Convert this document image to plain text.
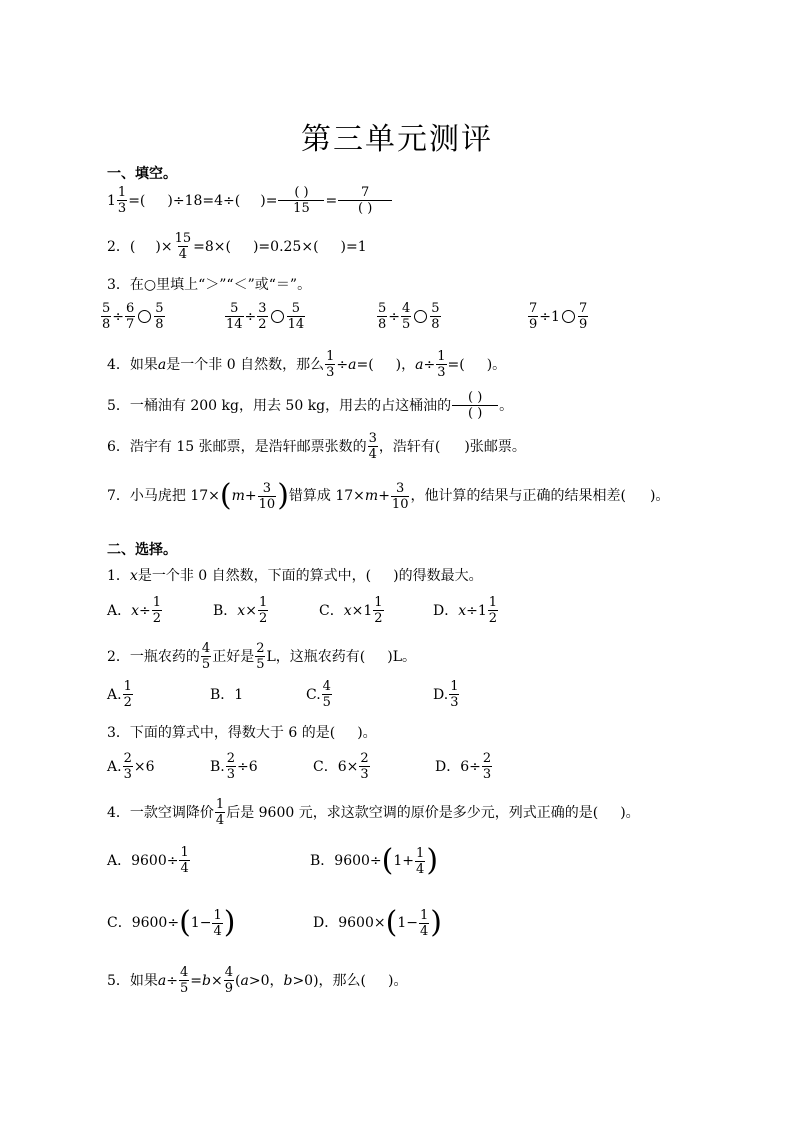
第三单元测评
一、填空。
$1 \frac{1}{3}$ =( )÷18=4÷( )= $\frac{( )}{15} = \frac{7}{( )}$
2．( )× $\frac{15}{4} =8\times$( )=0.25×( )=1
3．在○里填上“＞”“＜”或“＝”。
$\frac{5}{8} \div \frac{6}{7} \frac{5}{8}$	$\frac{5}{14} \div \frac{3}{2} \frac{5}{14}$	$\frac{5}{8} \div \frac{4}{5} \frac{5}{8}$	$\frac{7}{9} \div 1 \frac{7}{9}$
4．如果 a 是一个非 0 自然数，那么 $\frac{1}{3} \div a$ =( )， $a \div \frac{1}{3}$ =( )。
5．一桶油有 200 kg，用去 50 kg，用去的占这桶油的 $\frac{( )}{( )}$ 。
6．浩宇有 15 张邮票，是浩轩邮票张数的 $\frac{3}{4}$ ，浩轩有( )张邮票。
7．小马虎把 17× ( $m + \frac{3}{10}$ ) 错算成 $17\times m + \frac{3}{10}$ ，他计算的结果与正确的结果相差( )。
二、选择。
1． x 是一个非 0 自然数，下面的算式中，( )的得数最大。
A． $x \div \frac{1}{2}$	B． $x \times \frac{1}{2}$	C． $x \times 1 \frac{1}{2}$	D． $x \div 1 \frac{1}{2}$
2．一瓶农药的 $\frac{4}{5}$ 正好是 $\frac{2}{5}$ L，这瓶农药有( )L。
A. $\frac{1}{2}$	B．1	C. $\frac{4}{5}$	D. $\frac{1}{3}$
3．下面的算式中，得数大于 6 的是( )。
A. $\frac{2}{3} \times 6$	B. $\frac{2}{3} \div 6$	C．$6\times \frac{2}{3}$	D．$6\div \frac{2}{3}$
4．一款空调降价 $\frac{1}{4}$ 后是 9600 元，求这款空调的原价是多少元，列式正确的是( )。
A．$9600\div \frac{1}{4}$	B．9600÷ ( $1 + \frac{1}{4}$ )
C．9600÷ ( $1 - \frac{1}{4}$ )	D．9600× ( $1 - \frac{1}{4}$ )
5．如果 $a \div \frac{4}{5} = b \times \frac{4}{9}$ ( a >0， b >0)，那么( )。
